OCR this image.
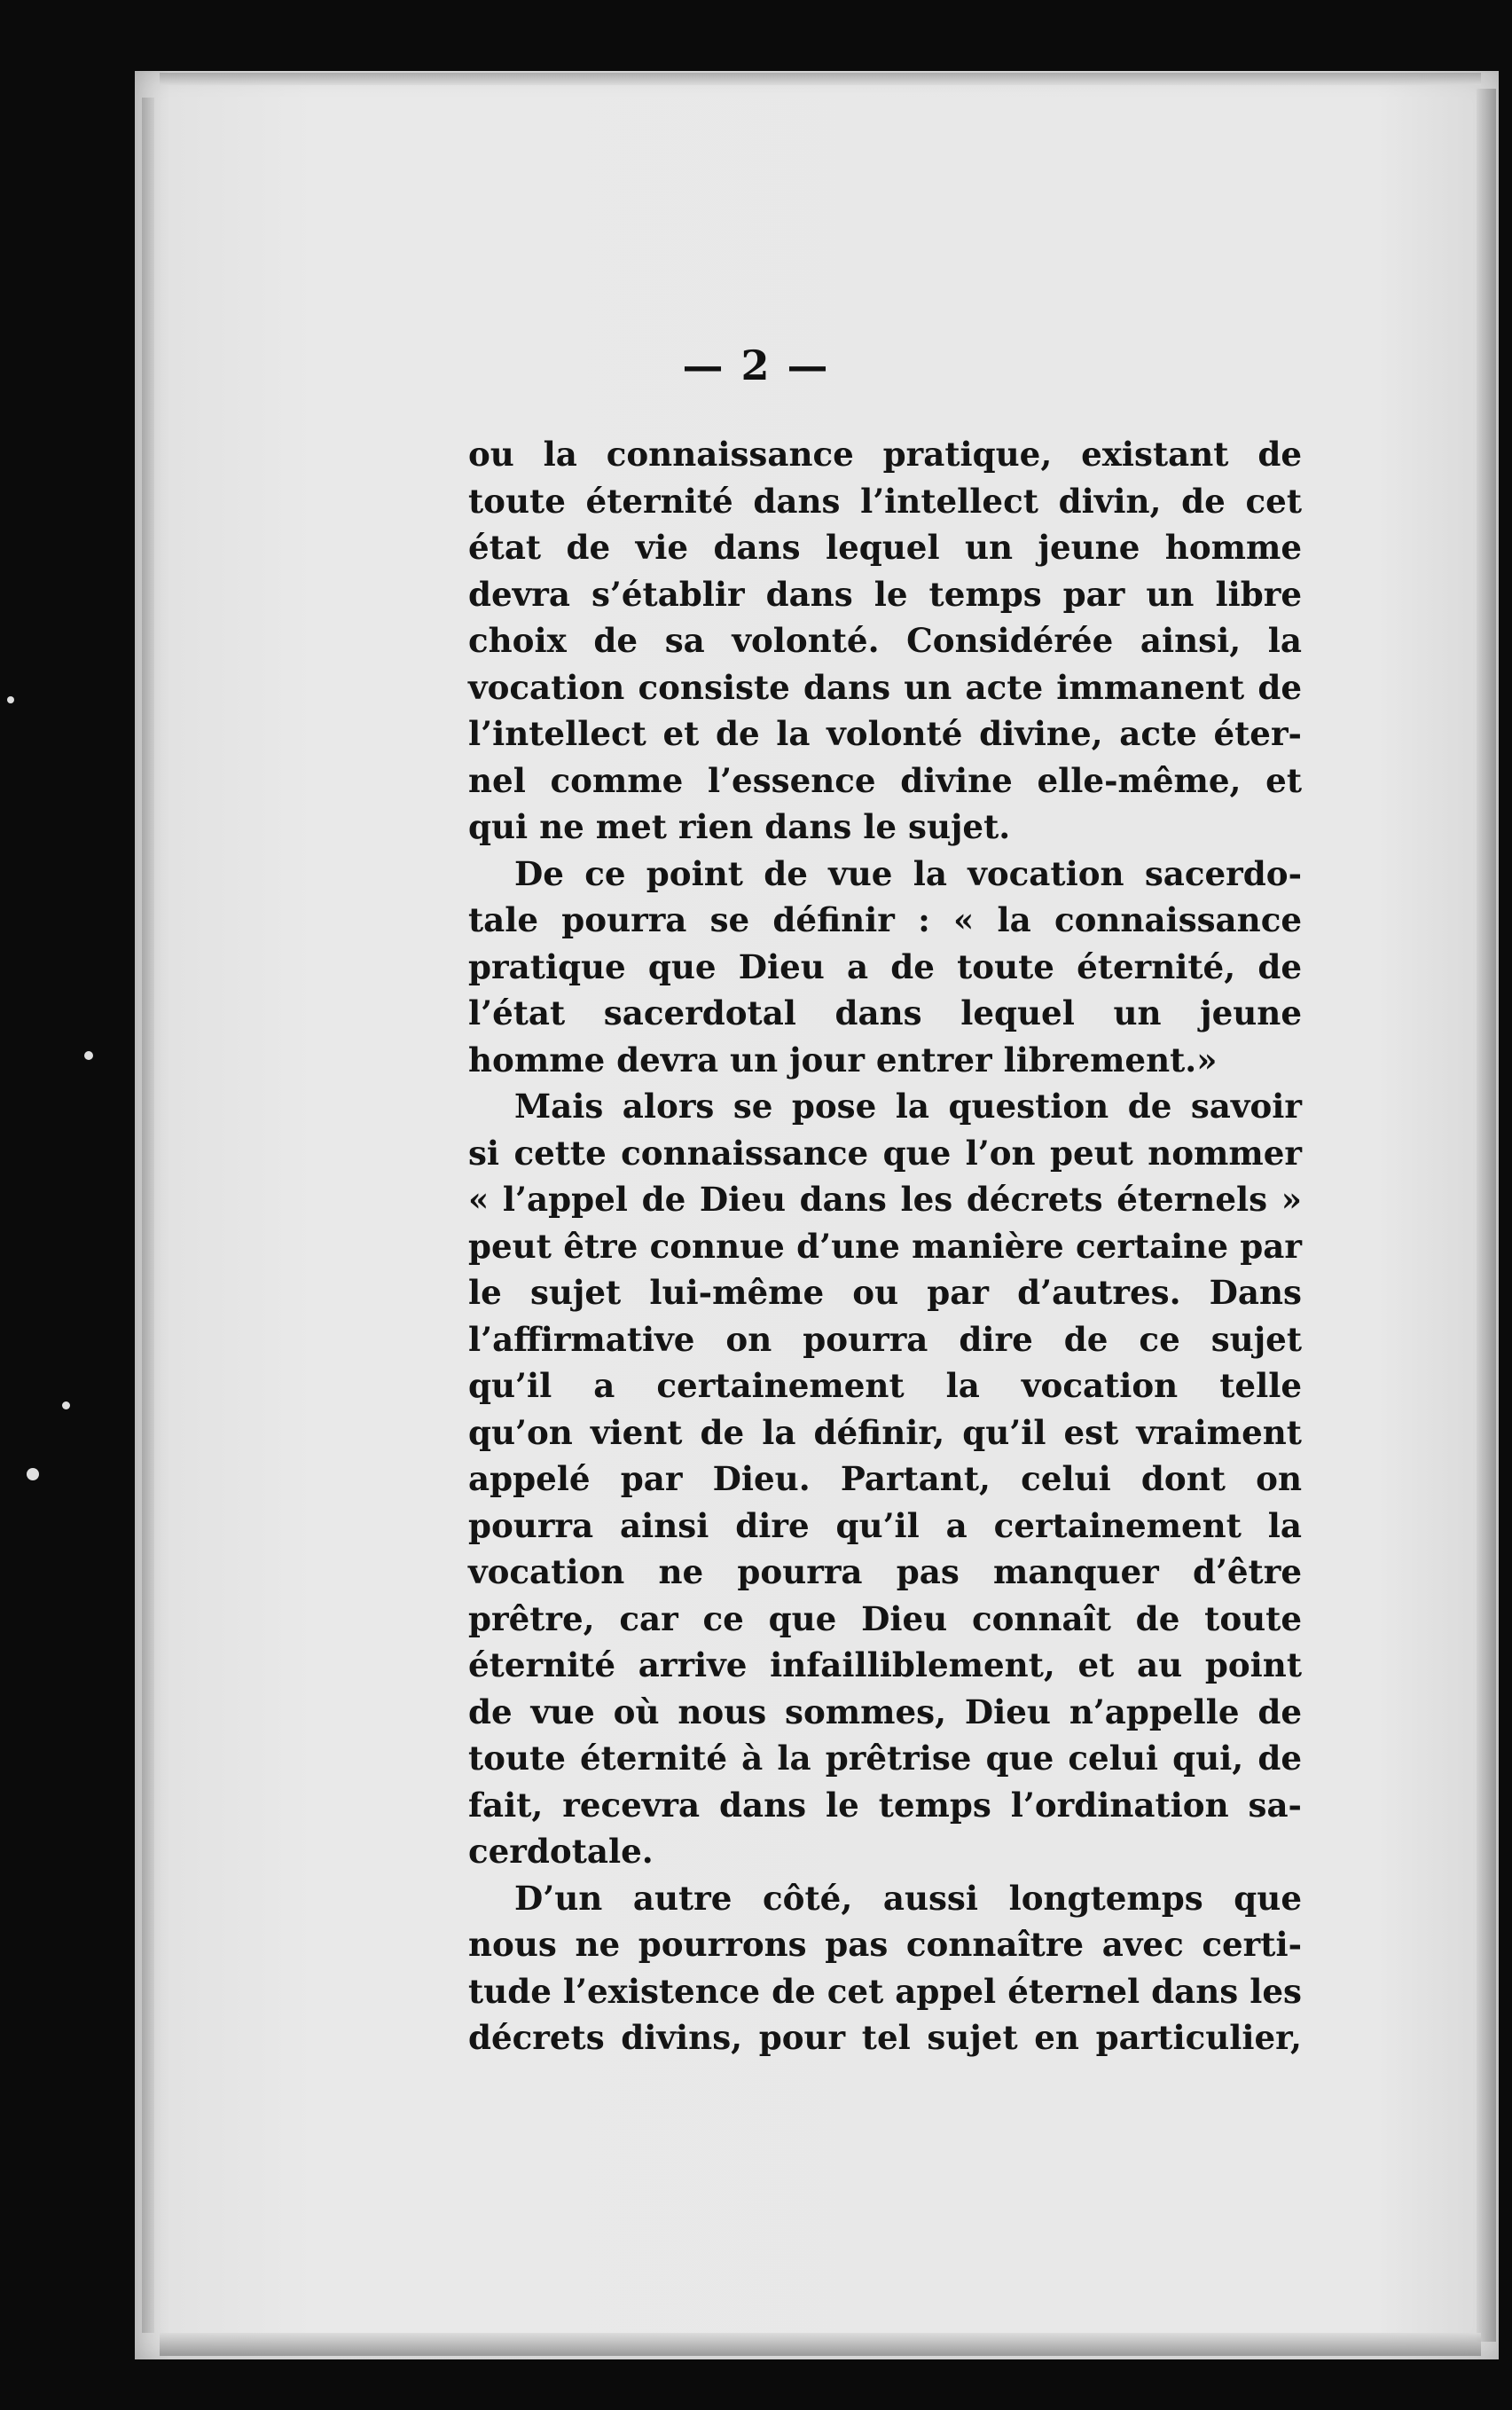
— 2 —
ou la connaissance pratique, existant de
toute éternité dans l’intellect divin, de cet
état de vie dans lequel un jeune homme
devra s’établir dans le temps par un libre
choix de sa volonté. Considérée ainsi, la
vocation consiste dans un acte immanent de
l’intellect et de la volonté divine, acte éter-
nel comme l’essence divine elle-même, et
qui ne met rien dans le sujet.
De ce point de vue la vocation sacerdo-
tale pourra se définir : « la connaissance
pratique que Dieu a de toute éternité, de
l’état sacerdotal dans lequel un jeune
homme devra un jour entrer librement.»
Mais alors se pose la question de savoir
si cette connaissance que l’on peut nommer
« l’appel de Dieu dans les décrets éternels »
peut être connue d’une manière certaine par
le sujet lui-même ou par d’autres. Dans
l’affirmative on pourra dire de ce sujet
qu’il a certainement la vocation telle
qu’on vient de la définir, qu’il est vraiment
appelé par Dieu. Partant, celui dont on
pourra ainsi dire qu’il a certainement la
vocation ne pourra pas manquer d’être
prêtre, car ce que Dieu connaît de toute
éternité arrive infailliblement, et au point
de vue où nous sommes, Dieu n’appelle de
toute éternité à la prêtrise que celui qui, de
fait, recevra dans le temps l’ordination sa-
cerdotale.
D’un autre côté, aussi longtemps que
nous ne pourrons pas connaître avec certi-
tude l’existence de cet appel éternel dans les
décrets divins, pour tel sujet en particulier,
